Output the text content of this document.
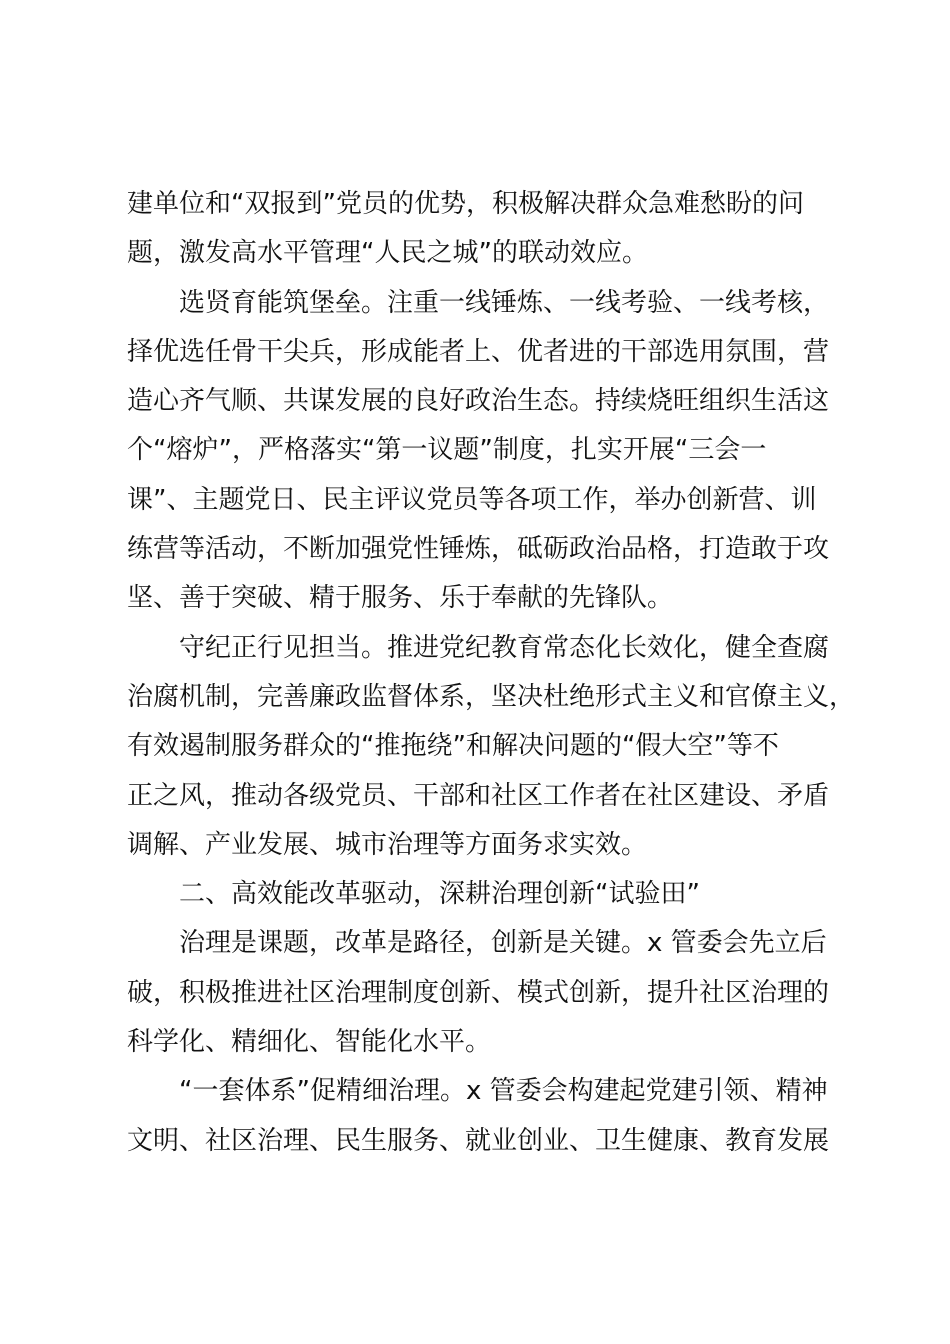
建单位和“双报到”党员的优势，积极解决群众急难愁盼的问
题，激发高水平管理“人民之城”的联动效应。
选贤育能筑堡垒。注重一线锤炼、一线考验、一线考核，
择优选任骨干尖兵，形成能者上、优者进的干部选用氛围，营
造心齐气顺、共谋发展的良好政治生态。持续烧旺组织生活这
个“熔炉”，严格落实“第一议题”制度，扎实开展“三会一
课”、主题党日、民主评议党员等各项工作，举办创新营、训
练营等活动，不断加强党性锤炼，砥砺政治品格，打造敢于攻
坚、善于突破、精于服务、乐于奉献的先锋队。
守纪正行见担当。推进党纪教育常态化长效化，健全查腐
治腐机制，完善廉政监督体系，坚决杜绝形式主义和官僚主义，
有效遏制服务群众的“推拖绕”和解决问题的“假大空”等不
正之风，推动各级党员、干部和社区工作者在社区建设、矛盾
调解、产业发展、城市治理等方面务求实效。
二、高效能改革驱动，深耕治理创新“试验田”
治理是课题，改革是路径，创新是关键。x 管委会先立后
破，积极推进社区治理制度创新、模式创新，提升社区治理的
科学化、精细化、智能化水平。
“一套体系”促精细治理。x 管委会构建起党建引领、精神
文明、社区治理、民生服务、就业创业、卫生健康、教育发展
